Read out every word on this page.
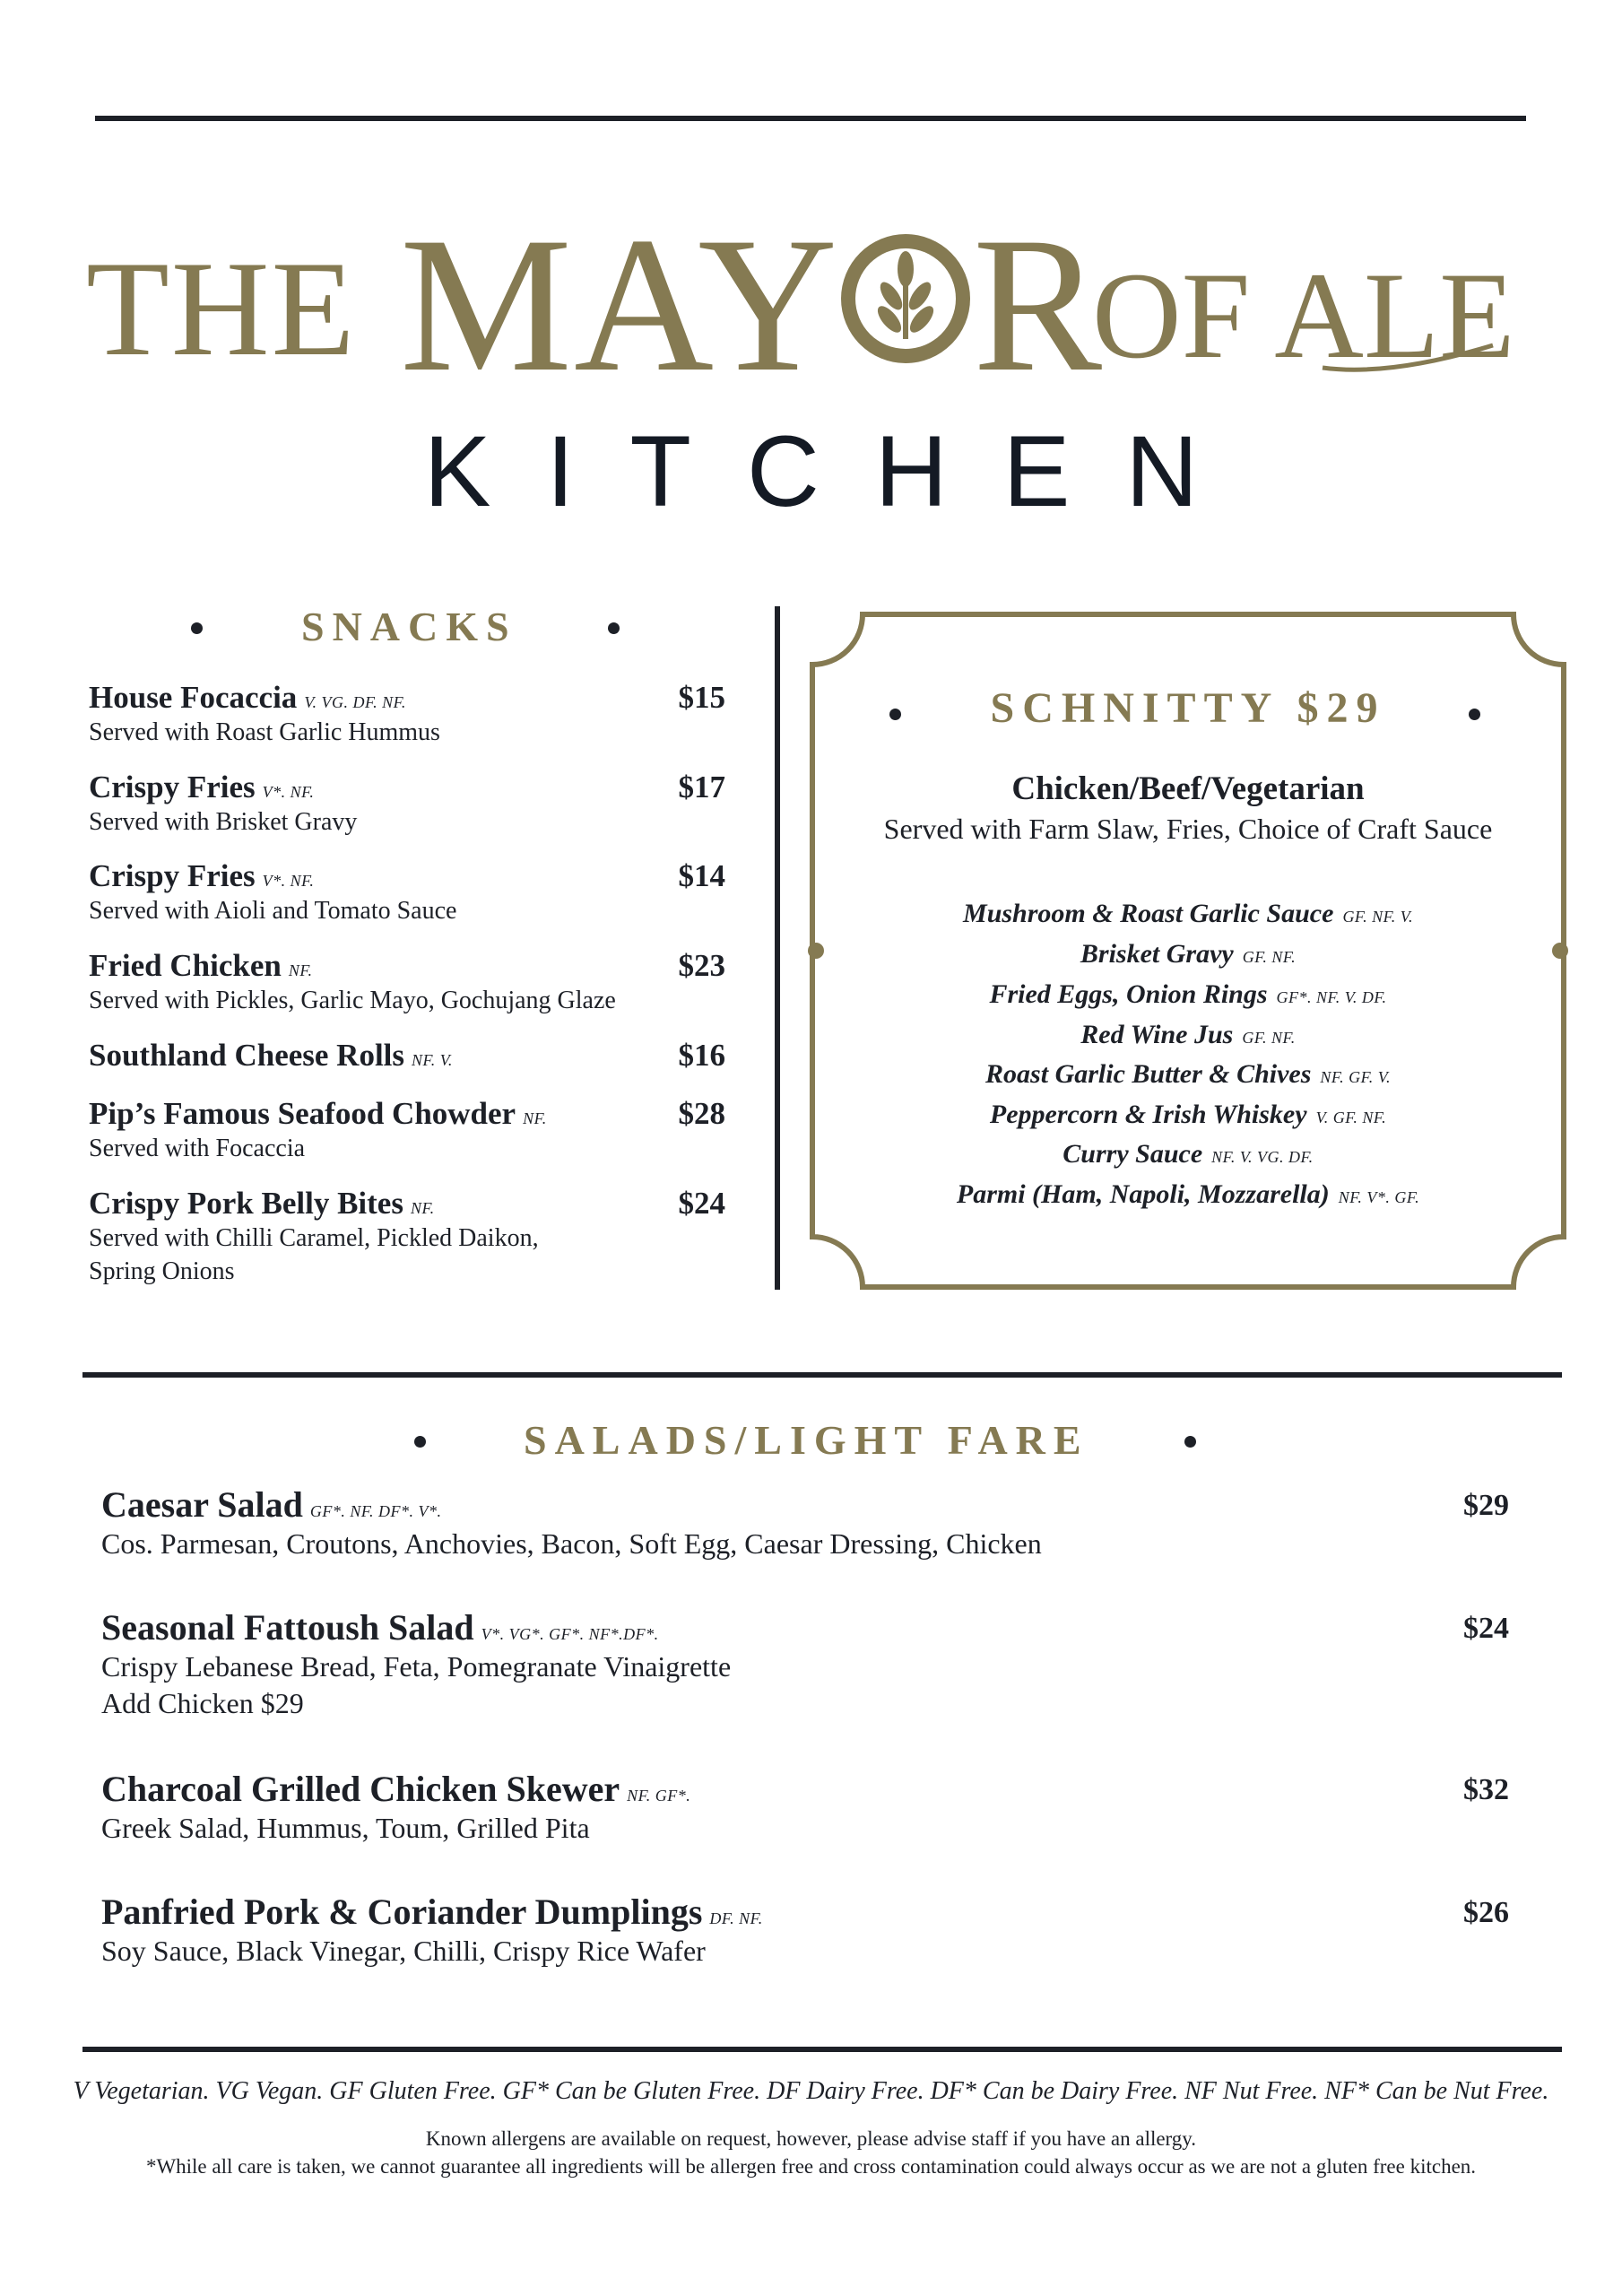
THE MAY R
OF ALE
KITCHEN
SNACKS
House Focaccia V. VG. DF. NF.
Served with Roast Garlic Hummus
$15
Crispy Fries V*. NF.
Served with Brisket Gravy
$17
Crispy Fries V*. NF.
Served with Aioli and Tomato Sauce
$14
Fried Chicken NF.
Served with Pickles, Garlic Mayo, Gochujang Glaze
$23
Southland Cheese Rolls NF. V.	$16
Pip’s Famous Seafood Chowder NF.
Served with Focaccia
$28
Crispy Pork Belly Bites NF.
Served with Chilli Caramel, Pickled Daikon,
Spring Onions
$24
SCHNITTY $29
Chicken/Beef/Vegetarian
Served with Farm Slaw, Fries, Choice of Craft Sauce
Mushroom & Roast Garlic Sauce GF. NF. V.
Brisket Gravy GF. NF.
Fried Eggs, Onion Rings GF*. NF. V. DF.
Red Wine Jus GF. NF.
Roast Garlic Butter & Chives NF. GF. V.
Peppercorn & Irish Whiskey V. GF. NF.
Curry Sauce NF. V. VG. DF.
Parmi (Ham, Napoli, Mozzarella) NF. V*. GF.
SALADS/LIGHT FARE
Caesar Salad GF*. NF. DF*. V*.
Cos. Parmesan, Croutons, Anchovies, Bacon, Soft Egg, Caesar Dressing, Chicken
$29
Seasonal Fattoush Salad V*. VG*. GF*. NF*.DF*.
Crispy Lebanese Bread, Feta, Pomegranate Vinaigrette
Add Chicken $29
$24
Charcoal Grilled Chicken Skewer NF. GF*.
Greek Salad, Hummus, Toum, Grilled Pita
$32
Panfried Pork & Coriander Dumplings DF. NF.
Soy Sauce, Black Vinegar, Chilli, Crispy Rice Wafer
$26
V Vegetarian. VG Vegan. GF Gluten Free. GF* Can be Gluten Free. DF Dairy Free. DF* Can be Dairy Free. NF Nut Free. NF* Can be Nut Free.
Known allergens are available on request, however, please advise staff if you have an allergy.
*While all care is taken, we cannot guarantee all ingredients will be allergen free and cross contamination could always occur as we are not a gluten free kitchen.
